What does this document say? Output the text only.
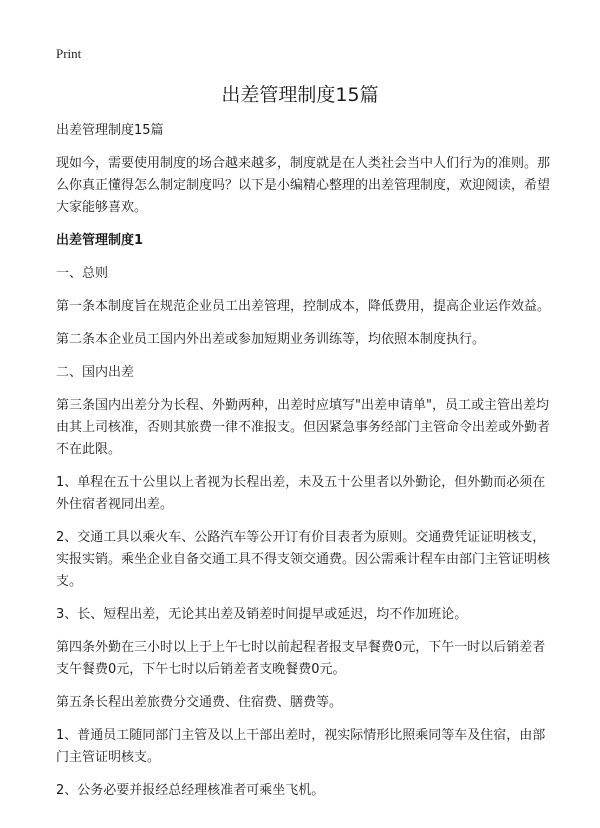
Print
出差管理制度15篇

出差管理制度15篇

现如今，需要使用制度的场合越来越多，制度就是在人类社会当中人们行为的准则。那么你真正懂得怎么制定制度吗？以下是小编精心整理的出差管理制度，欢迎阅读，希望大家能够喜欢。

出差管理制度1

一、总则

第一条本制度旨在规范企业员工出差管理，控制成本，降低费用，提高企业运作效益。

第二条本企业员工国内外出差或参加短期业务训练等，均依照本制度执行。

二、国内出差

第三条国内出差分为长程、外勤两种，出差时应填写"出差申请单"，员工或主管出差均由其上司核准，否则其旅费一律不准报支。但因紧急事务经部门主管命令出差或外勤者不在此限。

1、单程在五十公里以上者视为长程出差，未及五十公里者以外勤论，但外勤而必须在外住宿者视同出差。

2、交通工具以乘火车、公路汽车等公开订有价目表者为原则。交通费凭证证明核支，实报实销。乘坐企业自备交通工具不得支领交通费。因公需乘计程车由部门主管证明核支。

3、长、短程出差，无论其出差及销差时间提早或延迟，均不作加班论。

第四条外勤在三小时以上于上午七时以前起程者报支早餐费0元，下午一时以后销差者支午餐费0元，下午七时以后销差者支晚餐费0元。

第五条长程出差旅费分交通费、住宿费、膳费等。

1、普通员工随同部门主管及以上干部出差时，视实际情形比照乘同等车及住宿，由部门主管证明核支。

2、公务必要并报经总经理核准者可乘坐飞机。
